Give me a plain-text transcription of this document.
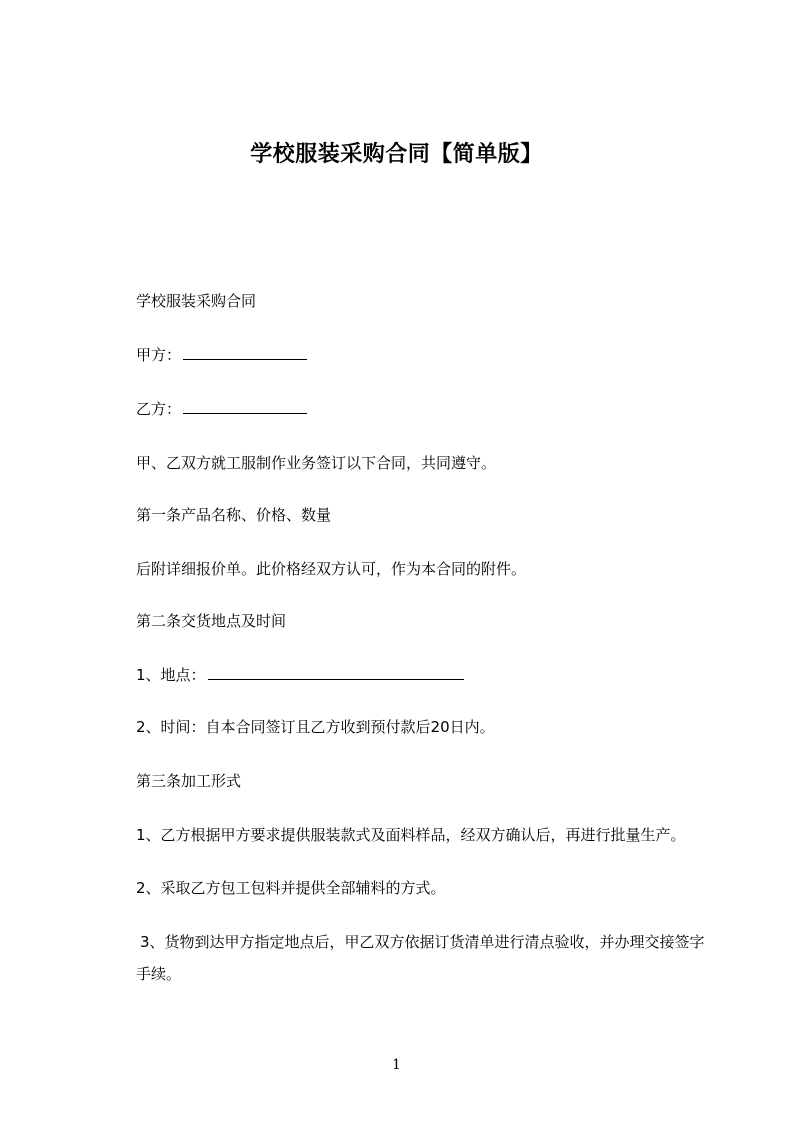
学校服装采购合同【简单版】
学校服装采购合同
甲方：
乙方：
甲、乙双方就工服制作业务签订以下合同，共同遵守。
第一条产品名称、价格、数量
后附详细报价单。此价格经双方认可，作为本合同的附件。
第二条交货地点及时间
1、地点：
2、时间：自本合同签订且乙方收到预付款后20日内。
第三条加工形式
1、乙方根据甲方要求提供服装款式及面料样品，经双方确认后，再进行批量生产。
2、采取乙方包工包料并提供全部辅料的方式。
3、货物到达甲方指定地点后，甲乙双方依据订货清单进行清点验收，并办理交接签字手续。
1
